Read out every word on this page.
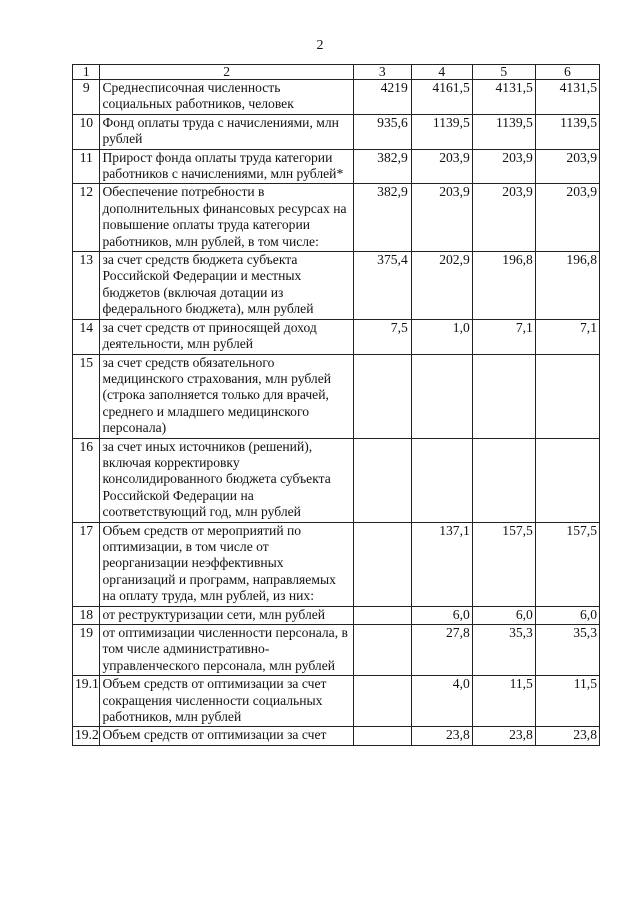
2
1	2	3	4	5	6
9	Среднесписочная численность социальных работников, человек	4219	4161,5	4131,5	4131,5
10	Фонд оплаты труда с начислениями, млн рублей	935,6	1139,5	1139,5	1139,5
11	Прирост фонда оплаты труда категории работников с начислениями, млн рублей*	382,9	203,9	203,9	203,9
12	Обеспечение потребности в дополнительных финансовых ресурсах на повышение оплаты труда категории работников, млн рублей, в том числе:	382,9	203,9	203,9	203,9
13	за счет средств бюджета субъекта Российской Федерации и местных бюджетов (включая дотации из федерального бюджета), млн рублей	375,4	202,9	196,8	196,8
14	за счет средств от приносящей доход деятельности, млн рублей	7,5	1,0	7,1	7,1
15	за счет средств обязательного медицинского страхования, млн рублей (строка заполняется только для врачей, среднего и младшего медицинского персонала)				
16	за счет иных источников (решений), включая корректировку консолидированного бюджета субъекта Российской Федерации на соответствующий год, млн рублей				
17	Объем средств от мероприятий по оптимизации, в том числе от реорганизации неэффективных организаций и программ, направляемых на оплату труда, млн рублей, из них:		137,1	157,5	157,5
18	от реструктуризации сети, млн рублей		6,0	6,0	6,0
19	от оптимизации численности персонала, в том числе административно-управленческого персонала, млн рублей		27,8	35,3	35,3
19.1	Объем средств от оптимизации за счет сокращения численности социальных работников, млн рублей		4,0	11,5	11,5
19.2	Объем средств от оптимизации за счет		23,8	23,8	23,8
